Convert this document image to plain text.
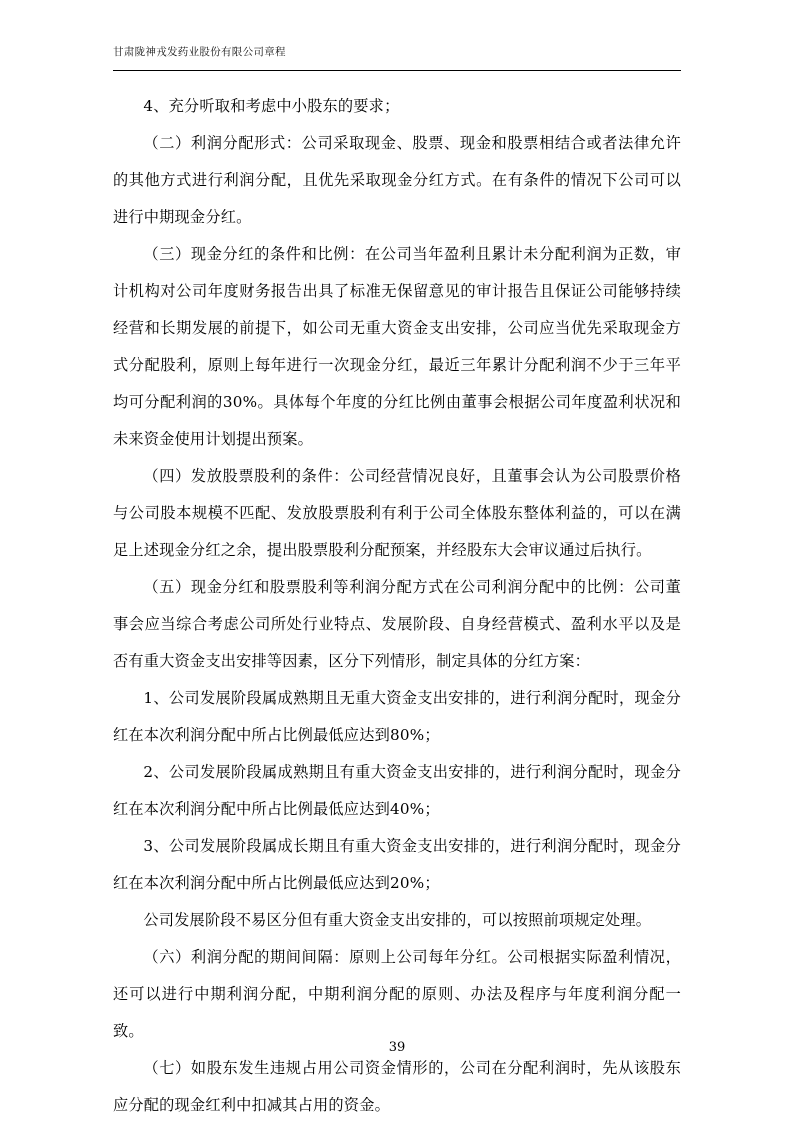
甘肃陇神戎发药业股份有限公司章程

4、充分听取和考虑中小股东的要求；

（二）利润分配形式：公司采取现金、股票、现金和股票相结合或者法律允许的其他方式进行利润分配，且优先采取现金分红方式。在有条件的情况下公司可以进行中期现金分红。

（三）现金分红的条件和比例：在公司当年盈利且累计未分配利润为正数，审计机构对公司年度财务报告出具了标准无保留意见的审计报告且保证公司能够持续经营和长期发展的前提下，如公司无重大资金支出安排，公司应当优先采取现金方式分配股利，原则上每年进行一次现金分红，最近三年累计分配利润不少于三年平均可分配利润的30%。具体每个年度的分红比例由董事会根据公司年度盈利状况和未来资金使用计划提出预案。

（四）发放股票股利的条件：公司经营情况良好，且董事会认为公司股票价格与公司股本规模不匹配、发放股票股利有利于公司全体股东整体利益的，可以在满足上述现金分红之余，提出股票股利分配预案，并经股东大会审议通过后执行。

（五）现金分红和股票股利等利润分配方式在公司利润分配中的比例：公司董事会应当综合考虑公司所处行业特点、发展阶段、自身经营模式、盈利水平以及是否有重大资金支出安排等因素，区分下列情形，制定具体的分红方案：

1、公司发展阶段属成熟期且无重大资金支出安排的，进行利润分配时，现金分红在本次利润分配中所占比例最低应达到80%；

2、公司发展阶段属成熟期且有重大资金支出安排的，进行利润分配时，现金分红在本次利润分配中所占比例最低应达到40%；

3、公司发展阶段属成长期且有重大资金支出安排的，进行利润分配时，现金分红在本次利润分配中所占比例最低应达到20%；

公司发展阶段不易区分但有重大资金支出安排的，可以按照前项规定处理。

（六）利润分配的期间间隔：原则上公司每年分红。公司根据实际盈利情况，还可以进行中期利润分配，中期利润分配的原则、办法及程序与年度利润分配一致。

（七）如股东发生违规占用公司资金情形的，公司在分配利润时，先从该股东应分配的现金红利中扣减其占用的资金。

39
